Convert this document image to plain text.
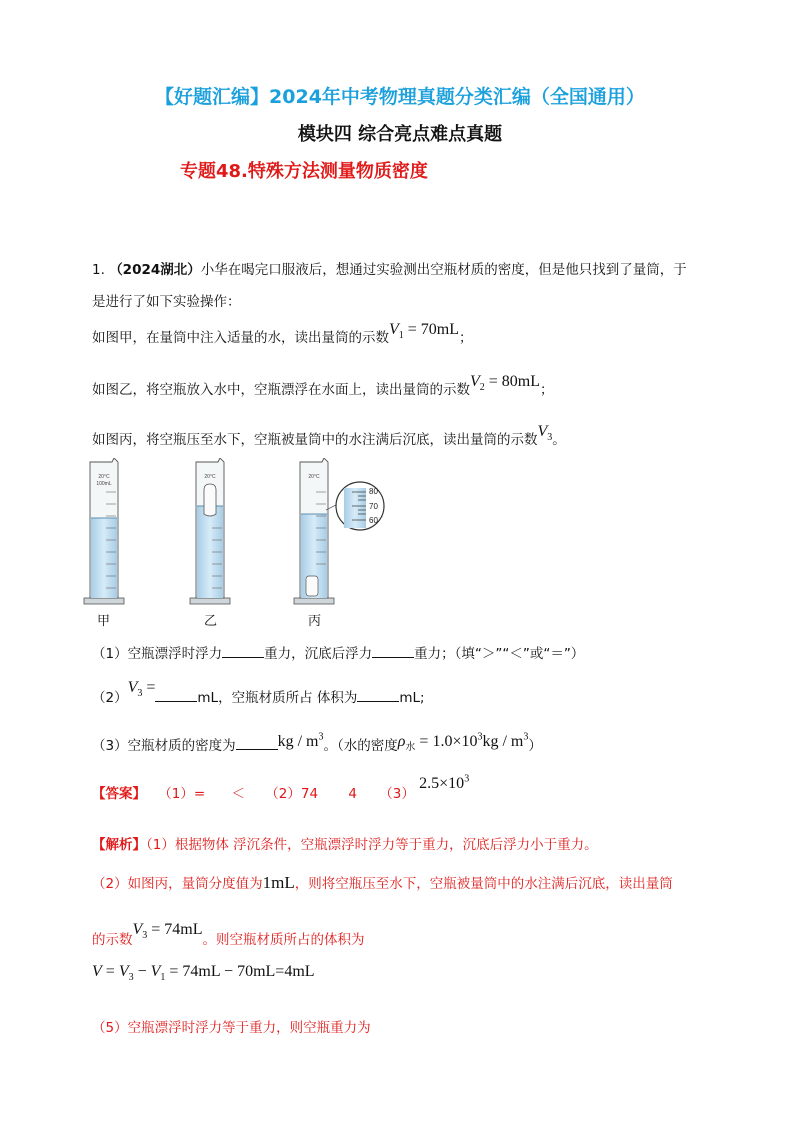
【好题汇编】2024年中考物理真题分类汇编（全国通用）
模块四 综合亮点难点真题
专题48.特殊方法测量物质密度
1. （2024湖北）小华在喝完口服液后，想通过实验测出空瓶材质的密度，但是他只找到了量筒，于
是进行了如下实验操作：
如图甲，在量筒中注入适量的水，读出量筒的示数$V_1 = 70mL$；
如图乙，将空瓶放入水中，空瓶漂浮在水面上，读出量筒的示数$V_2 = 80mL$；
如图丙，将空瓶压至水下，空瓶被量筒中的水注满后沉底，读出量筒的示数$V_3$。
20°C
100mL
20°C	20°C
80
70
60
甲	乙	丙
（1）空瓶漂浮时浮力	重力，沉底后浮力	重力；（填“＞”“＜”或“＝”）
$(2)V_3 =mL$，空瓶材质所占 体积为	mL;
（3）空瓶材质的密度为	kg / $m^3$。（水的密度$\rho_水 = 1.0\times 10^3kg / m^3$）
【答案】 （1）= ＜ （2）74 4 （3） $2.5\times 10^3$
【解析】（1）根据物体 浮沉条件，空瓶漂浮时浮力等于重力，沉底后浮力小于重力。
（2）如图丙，量筒分度值为1mL，则将空瓶压至水下，空瓶被量筒中的水注满后沉底，读出量筒
的示数$V_3 = 74mL$。则空瓶材质所占的体积为
$V = V_3 - V_1 = 74mL - 70mL=4mL$
（5）空瓶漂浮时浮力等于重力，则空瓶重力为
